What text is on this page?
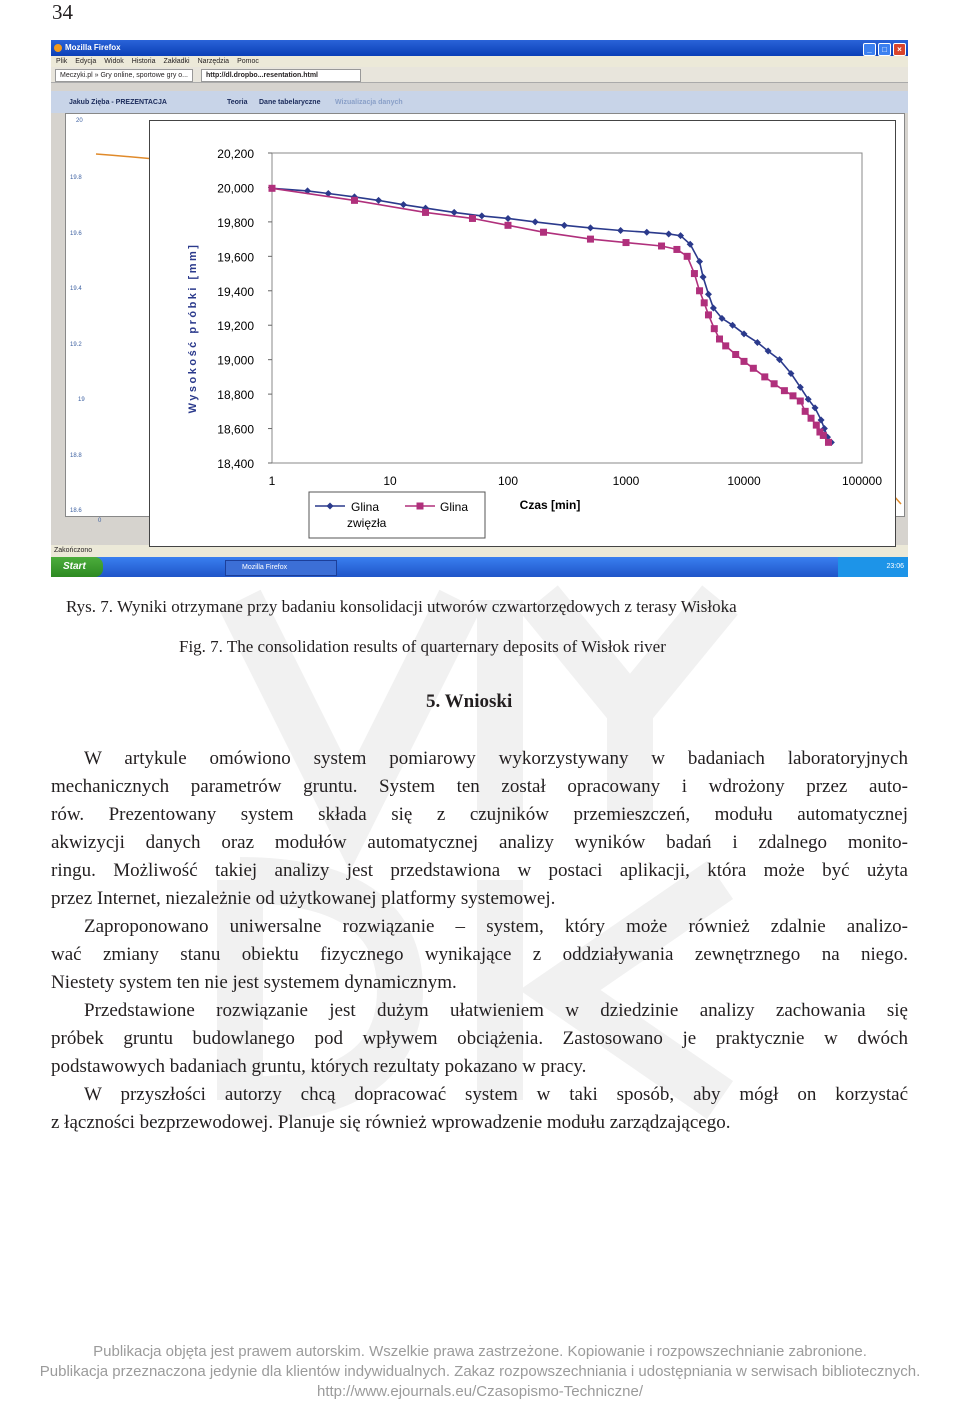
34
Mozilla Firefox	_ □ ×
Plik Edycja Widok Historia Zakładki Narzędzia Pomoc
Meczyki.pl » Gry online, sportowe gry o...	http://dl.dropbo...resentation.html
Jakub Zięba - PREZENTACJA	Teoria Dane tabelaryczne Wizualizacja danych
20
19.8
19.6
19.4
19.2
19
18.8
18.6
0
Zakończono
Start	Mozilla Firefox	23:06
20,200
20,000
19,800
19,600
19,400
19,200
19,000
18,800
18,600
18,400
1	10	100	1000	10000	100000
Wysokość próbki [mm]
Czas [min]
Glina
zwięzła
Glina
Rys. 7. Wyniki otrzymane przy badaniu konsolidacji utworów czwartorzędowych z terasy Wisłoka
Fig. 7. The consolidation results of quarternary deposits of Wisłok river
5. Wnioski
W artykule omówiono system pomiarowy wykorzystywany w badaniach laboratoryjnych
mechanicznych parametrów gruntu. System ten został opracowany i wdrożony przez auto-
rów. Prezentowany system składa się z czujników przemieszczeń, modułu automatycznej
akwizycji danych oraz modułów automatycznej analizy wyników badań i zdalnego monito-
ringu. Możliwość takiej analizy jest przedstawiona w postaci aplikacji, która może być użyta
przez Internet, niezależnie od użytkowanej platformy systemowej.
Zaproponowano uniwersalne rozwiązanie – system, który może również zdalnie analizo-
wać zmiany stanu obiektu fizycznego wynikające z oddziaływania zewnętrznego na niego.
Niestety system ten nie jest systemem dynamicznym.
Przedstawione rozwiązanie jest dużym ułatwieniem w dziedzinie analizy zachowania się
próbek gruntu budowlanego pod wpływem obciążenia. Zastosowano je praktycznie w dwóch
podstawowych badaniach gruntu, których rezultaty pokazano w pracy.
W przyszłości autorzy chcą dopracować system w taki sposób, aby mógł on korzystać
z łączności bezprzewodowej. Planuje się również wprowadzenie modułu zarządzającego.
Publikacja objęta jest prawem autorskim. Wszelkie prawa zastrzeżone. Kopiowanie i rozpowszechnianie zabronione.
Publikacja przeznaczona jedynie dla klientów indywidualnych. Zakaz rozpowszechniania i udostępniania w serwisach bibliotecznych.
http://www.ejournals.eu/Czasopismo-Techniczne/
